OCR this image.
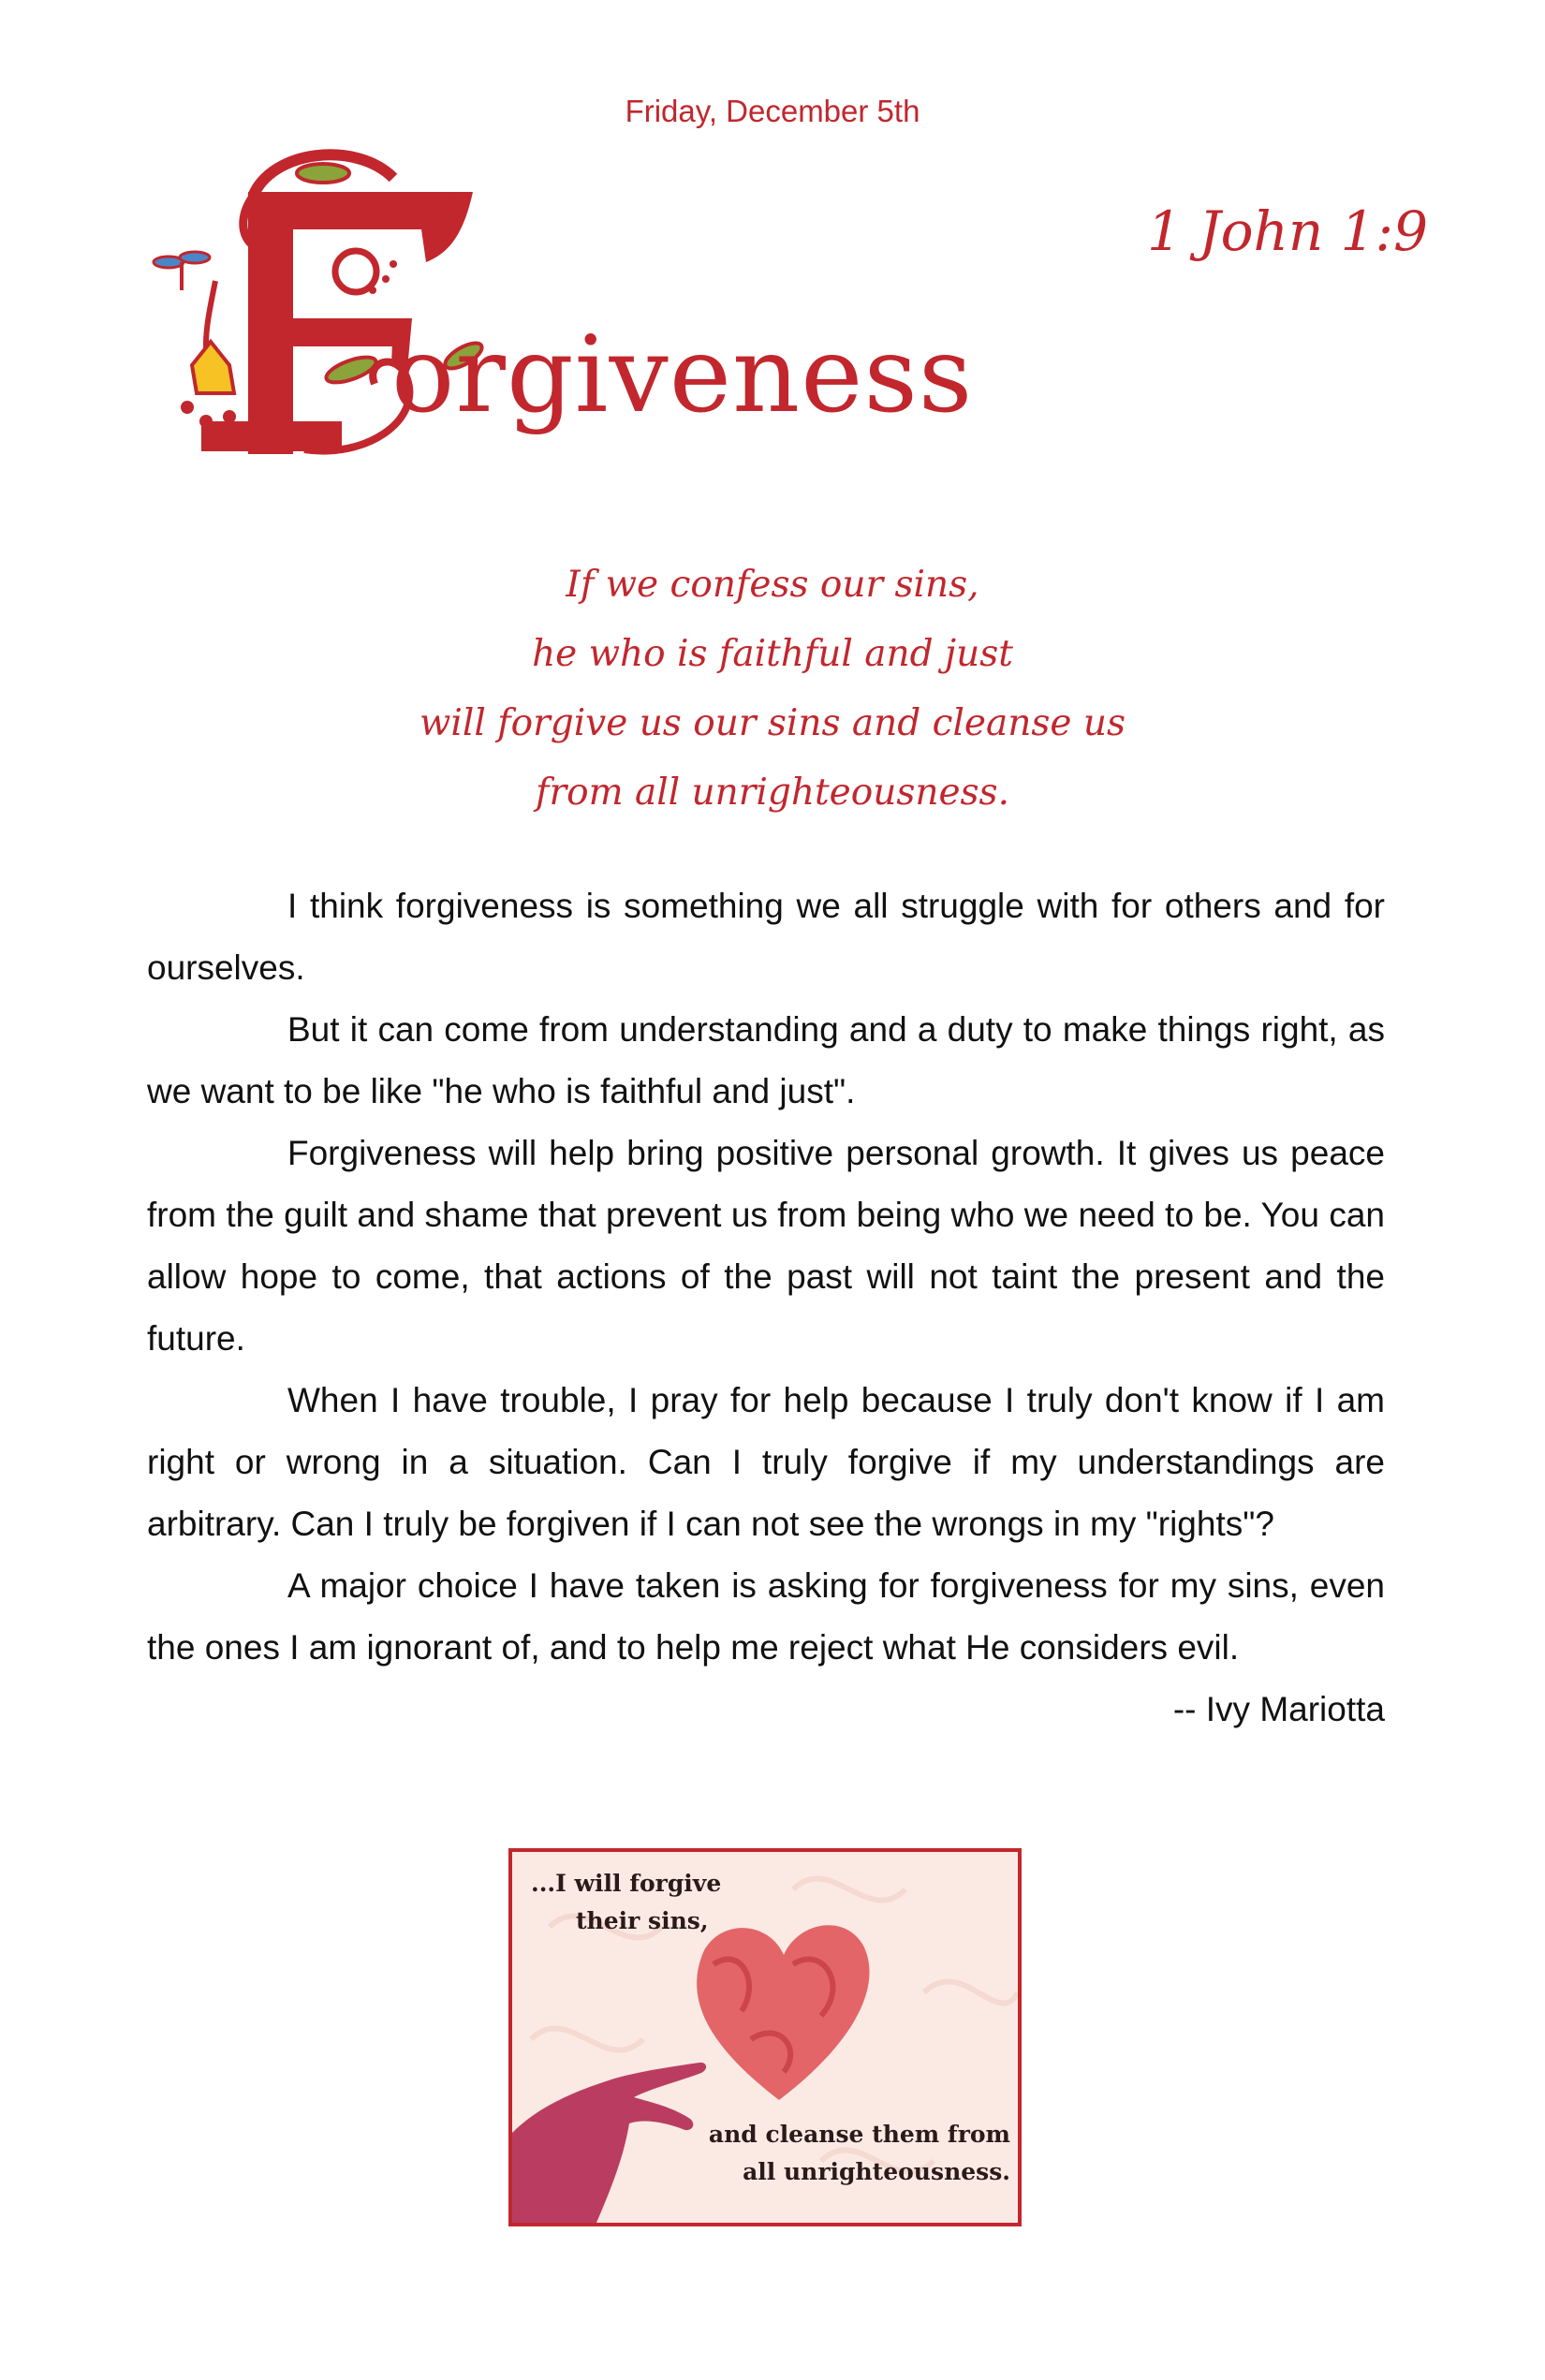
Friday, December 5th
orgiveness
1 John 1:9
If we confess our sins,
he who is faithful and just
will forgive us our sins and cleanse us
from all unrighteousness.

I think forgiveness is something we all struggle with for others and for ourselves.

But it can come from understanding and a duty to make things right, as we want to be like "he who is faithful and just".

Forgiveness will help bring positive personal growth. It gives us peace from the guilt and shame that prevent us from being who we need to be. You can allow hope to come, that actions of the past will not taint the present and the future.

When I have trouble, I pray for help because I truly don't know if I am right or wrong in a situation. Can I truly forgive if my understandings are arbitrary. Can I truly be forgiven if I can not see the wrongs in my "rights"?

A major choice I have taken is asking for forgiveness for my sins, even the ones I am ignorant of, and to help me reject what He considers evil.

-- Ivy Mariotta

...I will forgive
their sins,
and cleanse them from
all unrighteousness.
